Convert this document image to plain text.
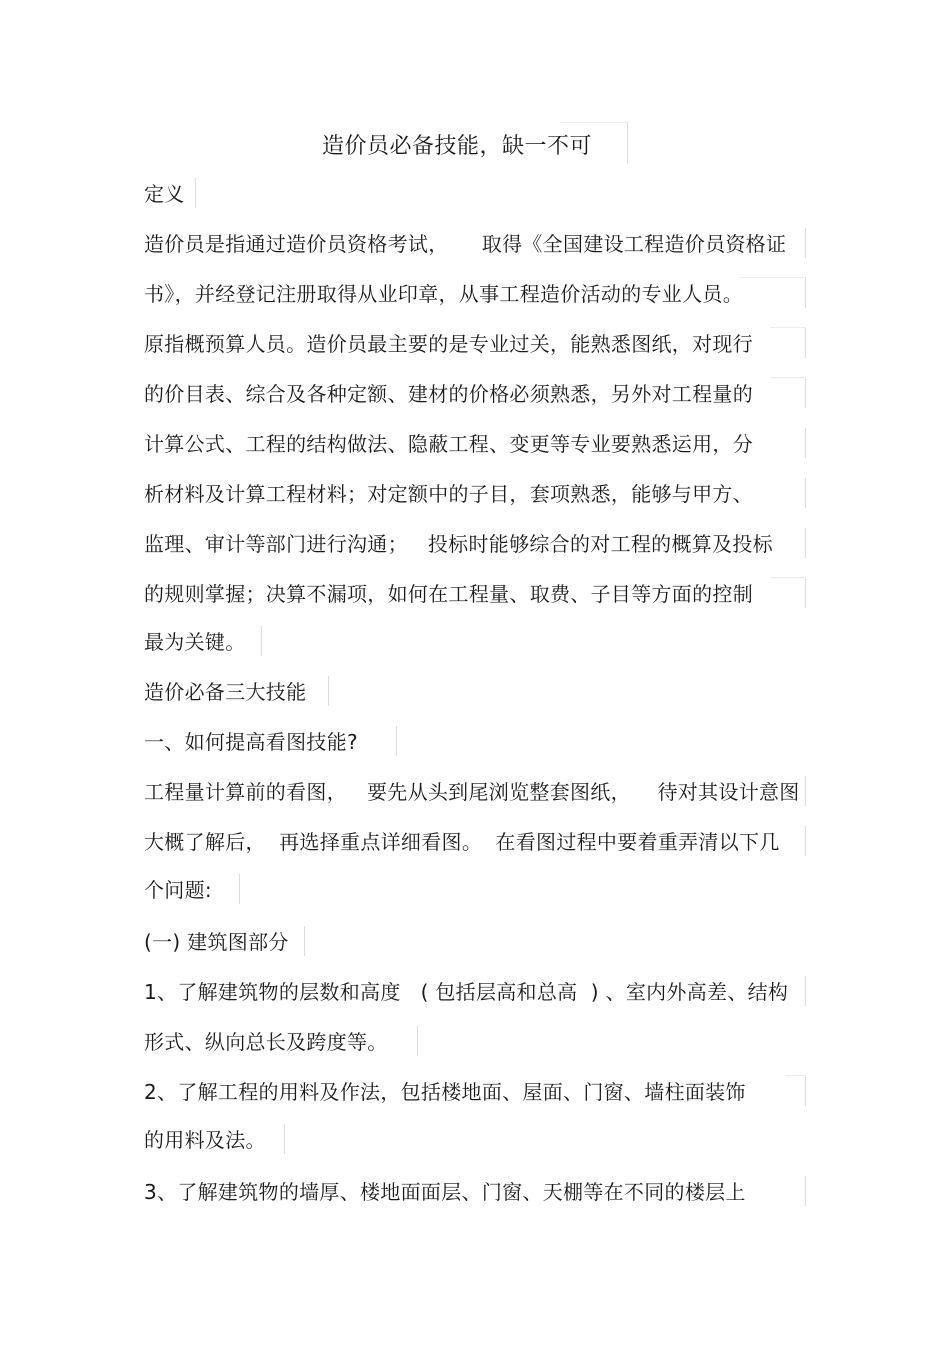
造价员必备技能，缺一不可
定义
造价员是指通过造价员资格考试，     取得《全国建设工程造价员资格证
书》，并经登记注册取得从业印章，从事工程造价活动的专业人员。
原指概预算人员。造价员最主要的是专业过关，能熟悉图纸，对现行
的价目表、综合及各种定额、建材的价格必须熟悉，另外对工程量的
计算公式、工程的结构做法、隐蔽工程、变更等专业要熟悉运用，分
析材料及计算工程材料；对定额中的子目，套项熟悉，能够与甲方、
监理、审计等部门进行沟通；   投标时能够综合的对工程的概算及投标
的规则掌握；决算不漏项，如何在工程量、取费、子目等方面的控制
最为关键。
造价必备三大技能
一、如何提高看图技能?
工程量计算前的看图，   要先从头到尾浏览整套图纸，    待对其设计意图
大概了解后，  再选择重点详细看图。  在看图过程中要着重弄清以下几
个问题:
(一) 建筑图部分
1、了解建筑物的层数和高度   ( 包括层高和总高  ) 、室内外高差、结构
形式、纵向总长及跨度等。
2、了解工程的用料及作法，包括楼地面、屋面、门窗、墙柱面装饰
的用料及法。
3、了解建筑物的墙厚、楼地面面层、门窗、天棚等在不同的楼层上
